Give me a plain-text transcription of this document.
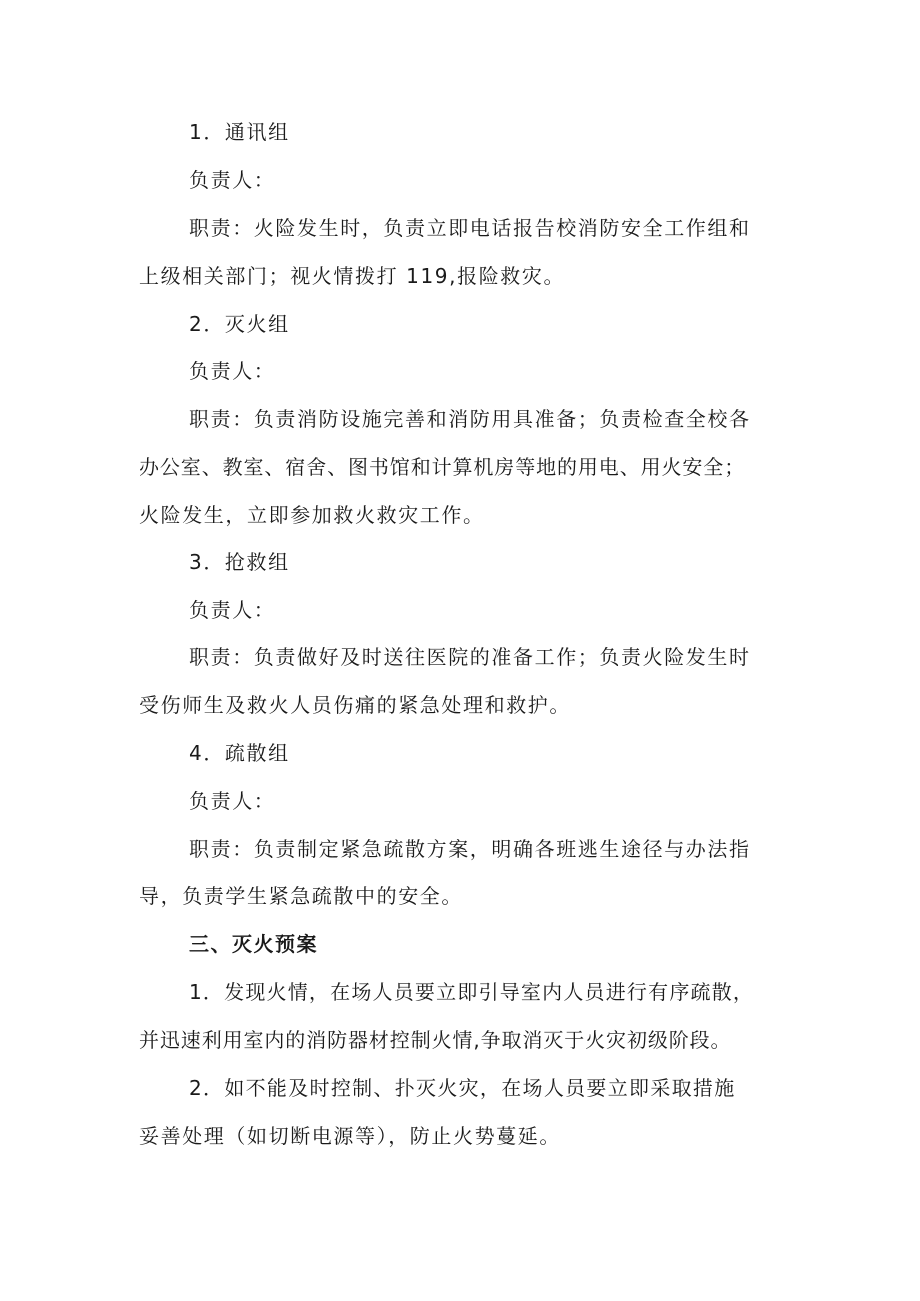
1．通讯组
负责人：
职责：火险发生时，负责立即电话报告校消防安全工作组和
上级相关部门；视火情拨打 119,报险救灾。
2．灭火组
负责人：
职责：负责消防设施完善和消防用具准备；负责检查全校各
办公室、教室、宿舍、图书馆和计算机房等地的用电、用火安全；
火险发生，立即参加救火救灾工作。
3．抢救组
负责人：
职责：负责做好及时送往医院的准备工作；负责火险发生时
受伤师生及救火人员伤痛的紧急处理和救护。
4．疏散组
负责人：
职责：负责制定紧急疏散方案，明确各班逃生途径与办法指
导，负责学生紧急疏散中的安全。
三、灭火预案
1．发现火情，在场人员要立即引导室内人员进行有序疏散，
并迅速利用室内的消防器材控制火情,争取消灭于火灾初级阶段。
2．如不能及时控制、扑灭火灾，在场人员要立即采取措施
妥善处理（如切断电源等），防止火势蔓延。
